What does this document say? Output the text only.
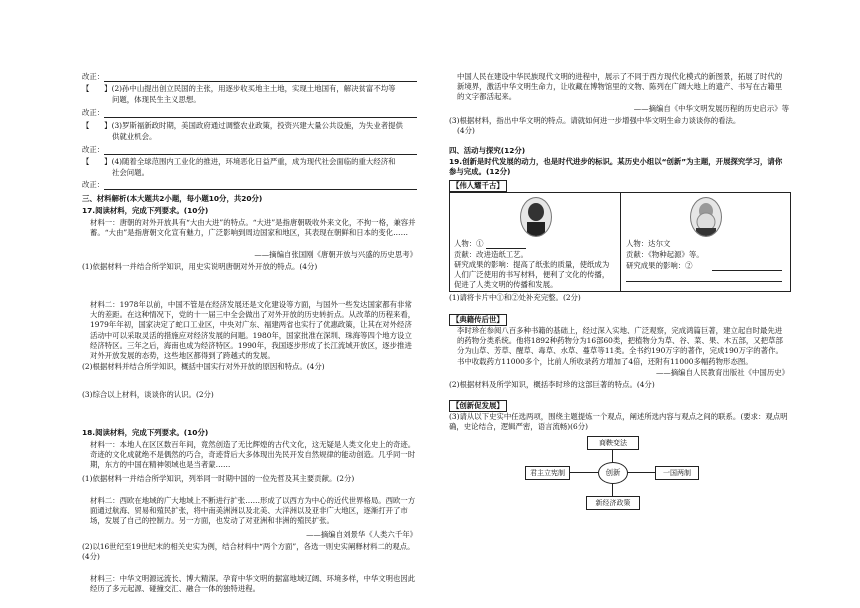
改正：
【　　】(2)孙中山提出创立民国的主张，用逐步收买地主土地，实现土地国有，解决贫富不均等
问题，体现民生主义思想。
改正：
【　　】(3)罗斯福新政时期，美国政府通过调整农业政策，投资兴建大量公共设施，为失业者提供
供就业机会。
改正：
【　　】(4)随着全球范围内工业化的推进，环境恶化日益严重，成为现代社会面临的重大经济和
社会问题。
改正：
三、材料解析(本大题共2小题，每小题10分，共20分)
17.阅读材料，完成下列要求。(10分)
材料一：唐朝的对外开放具有“大由大进”的特点。“大进”是指唐朝吸收外来文化，不拘一格，兼容并蓄。“大由”是指唐朝文化宣有魅力，广泛影响到周边国家和地区，其表现在朝鲜和日本的变化……
——摘编自张国刚《唐朝开放与兴盛的历史思考》
(1)依据材料一并结合所学知识，用史实说明唐朝对外开放的特点。(4分)
材料二：1978年以前，中国不管是在经济发展还是文化建设等方面，与国外一些发达国家都有非常大的差距。在这种情况下，党的十一届三中全会做出了对外开放的历史转折点。从改革的历程来看，1979年年初，国家决定了蛇口工业区，中央对广东、福建两省也实行了优惠政策，让其在对外经济活动中可以采取灵活的措施应对经济发展的问题。1980年，国家批准在深圳、珠海等四个地方设立经济特区。三年之后，海南也成为经济特区。1990年，我国逐步形成了长江流域开放区，逐步推进对外开放发展的态势，这些地区都得到了跨越式的发展。
(2)根据材料并结合所学知识，概括中国实行对外开放的原因和特点。(4分)
(3)综合以上材料，谈谈你的认识。(2分)
18.阅读材料，完成下列要求。(10分)
材料一：本地人在区区数百年间，竟然创造了无比辉煌的古代文化，这无疑是人类文化史上的奇迹。奇迹的文化成就绝不是偶然的巧合，奇迹背后大多体现出先民开发自然规律的能动创造。几乎同一时期，东方的中国在精神领域也是当者蒙……
(1)依据材料一并结合所学知识，列举同一时期中国的一位先哲及其主要贡献。(2分)
材料二：西欧在地域的广大地域上不断进行扩张……形成了以西方为中心的近代世界格局。西欧一方面通过航海、贸易和殖民扩张，将中南美洲洲以及北美、大洋洲以及亚非广大地区，逐渐打开了市场，发展了自己的控制力。另一方面，也发动了对亚洲和非洲的殖民扩张。
——摘编自刘景华《人类六千年》
(2)以16世纪至19世纪末的相关史实为例，结合材料中“两个方面”，各选一则史实阐释材料二的观点。(4分)
材料三：中华文明源远流长、博大精深。孕育中华文明的据富地域辽阔、环境多样，中华文明也因此经历了多元起源、碰撞交汇、融合一体的独特进程。
中国人民在建设中华民族现代文明的进程中，展示了不同于西方现代化模式的新图景，拓展了时代的新境界，激活中华文明生命力，让收藏在博物馆里的文物、陈列在广阔大地上的遗产、书写在古籍里的文字都活起来。
——摘编自《中华文明发展历程的历史启示》等
(3)根据材料，指出中华文明的特点。请就如何进一步增强中华文明生命力谈谈你的看法。
(4分)
四、活动与探究(12分)
19.创新是时代发展的动力，也是时代进步的标识。某历史小组以“创新”为主题，开展探究学习，请你参与完成。(12分)
【伟人耀千古】
人物：①
贡献：改进造纸工艺。
研究成果的影响：提高了纸张的质量，使纸成为人们广泛使用的书写材料，便利了文化的传播，促进了人类文明的传播和发展。
人物：达尔文
贡献：《物种起源》等。
研究成果的影响：②
(1)请将卡片中①和②处补充完整。(2分)
【典籍传后世】
李时珍在参阅八百多种书籍的基础上，经过深入实地、广泛观察，完成鸿篇巨著，建立起自时最先进的药物分类系统。他将1892种药物分为16部60类，把植物分为草、谷、菜、果、木五部，又把草部分为山草、芳草、醒草、毒草、水草、蔓草等11类。全书约190万字的著作，完成190万字的著作。书中收载药方11000多个，比前人所收录药方增加了4倍，还附有11000多幅药物形态图。
——摘编自人民教育出版社《中国历史》
(2)根据材料及所学知识，概括李时珍的这部巨著的特点。(4分)
【创新促发展】
(3)请从以下史实中任选两项，围绕主题提炼一个观点，阐述所选内容与观点之间的联系。(要求：观点明确，史论结合，逻辑严密，语言流畅)(6分)
商鞅变法
君主立宪制	一国两制
新经济政策
创新
